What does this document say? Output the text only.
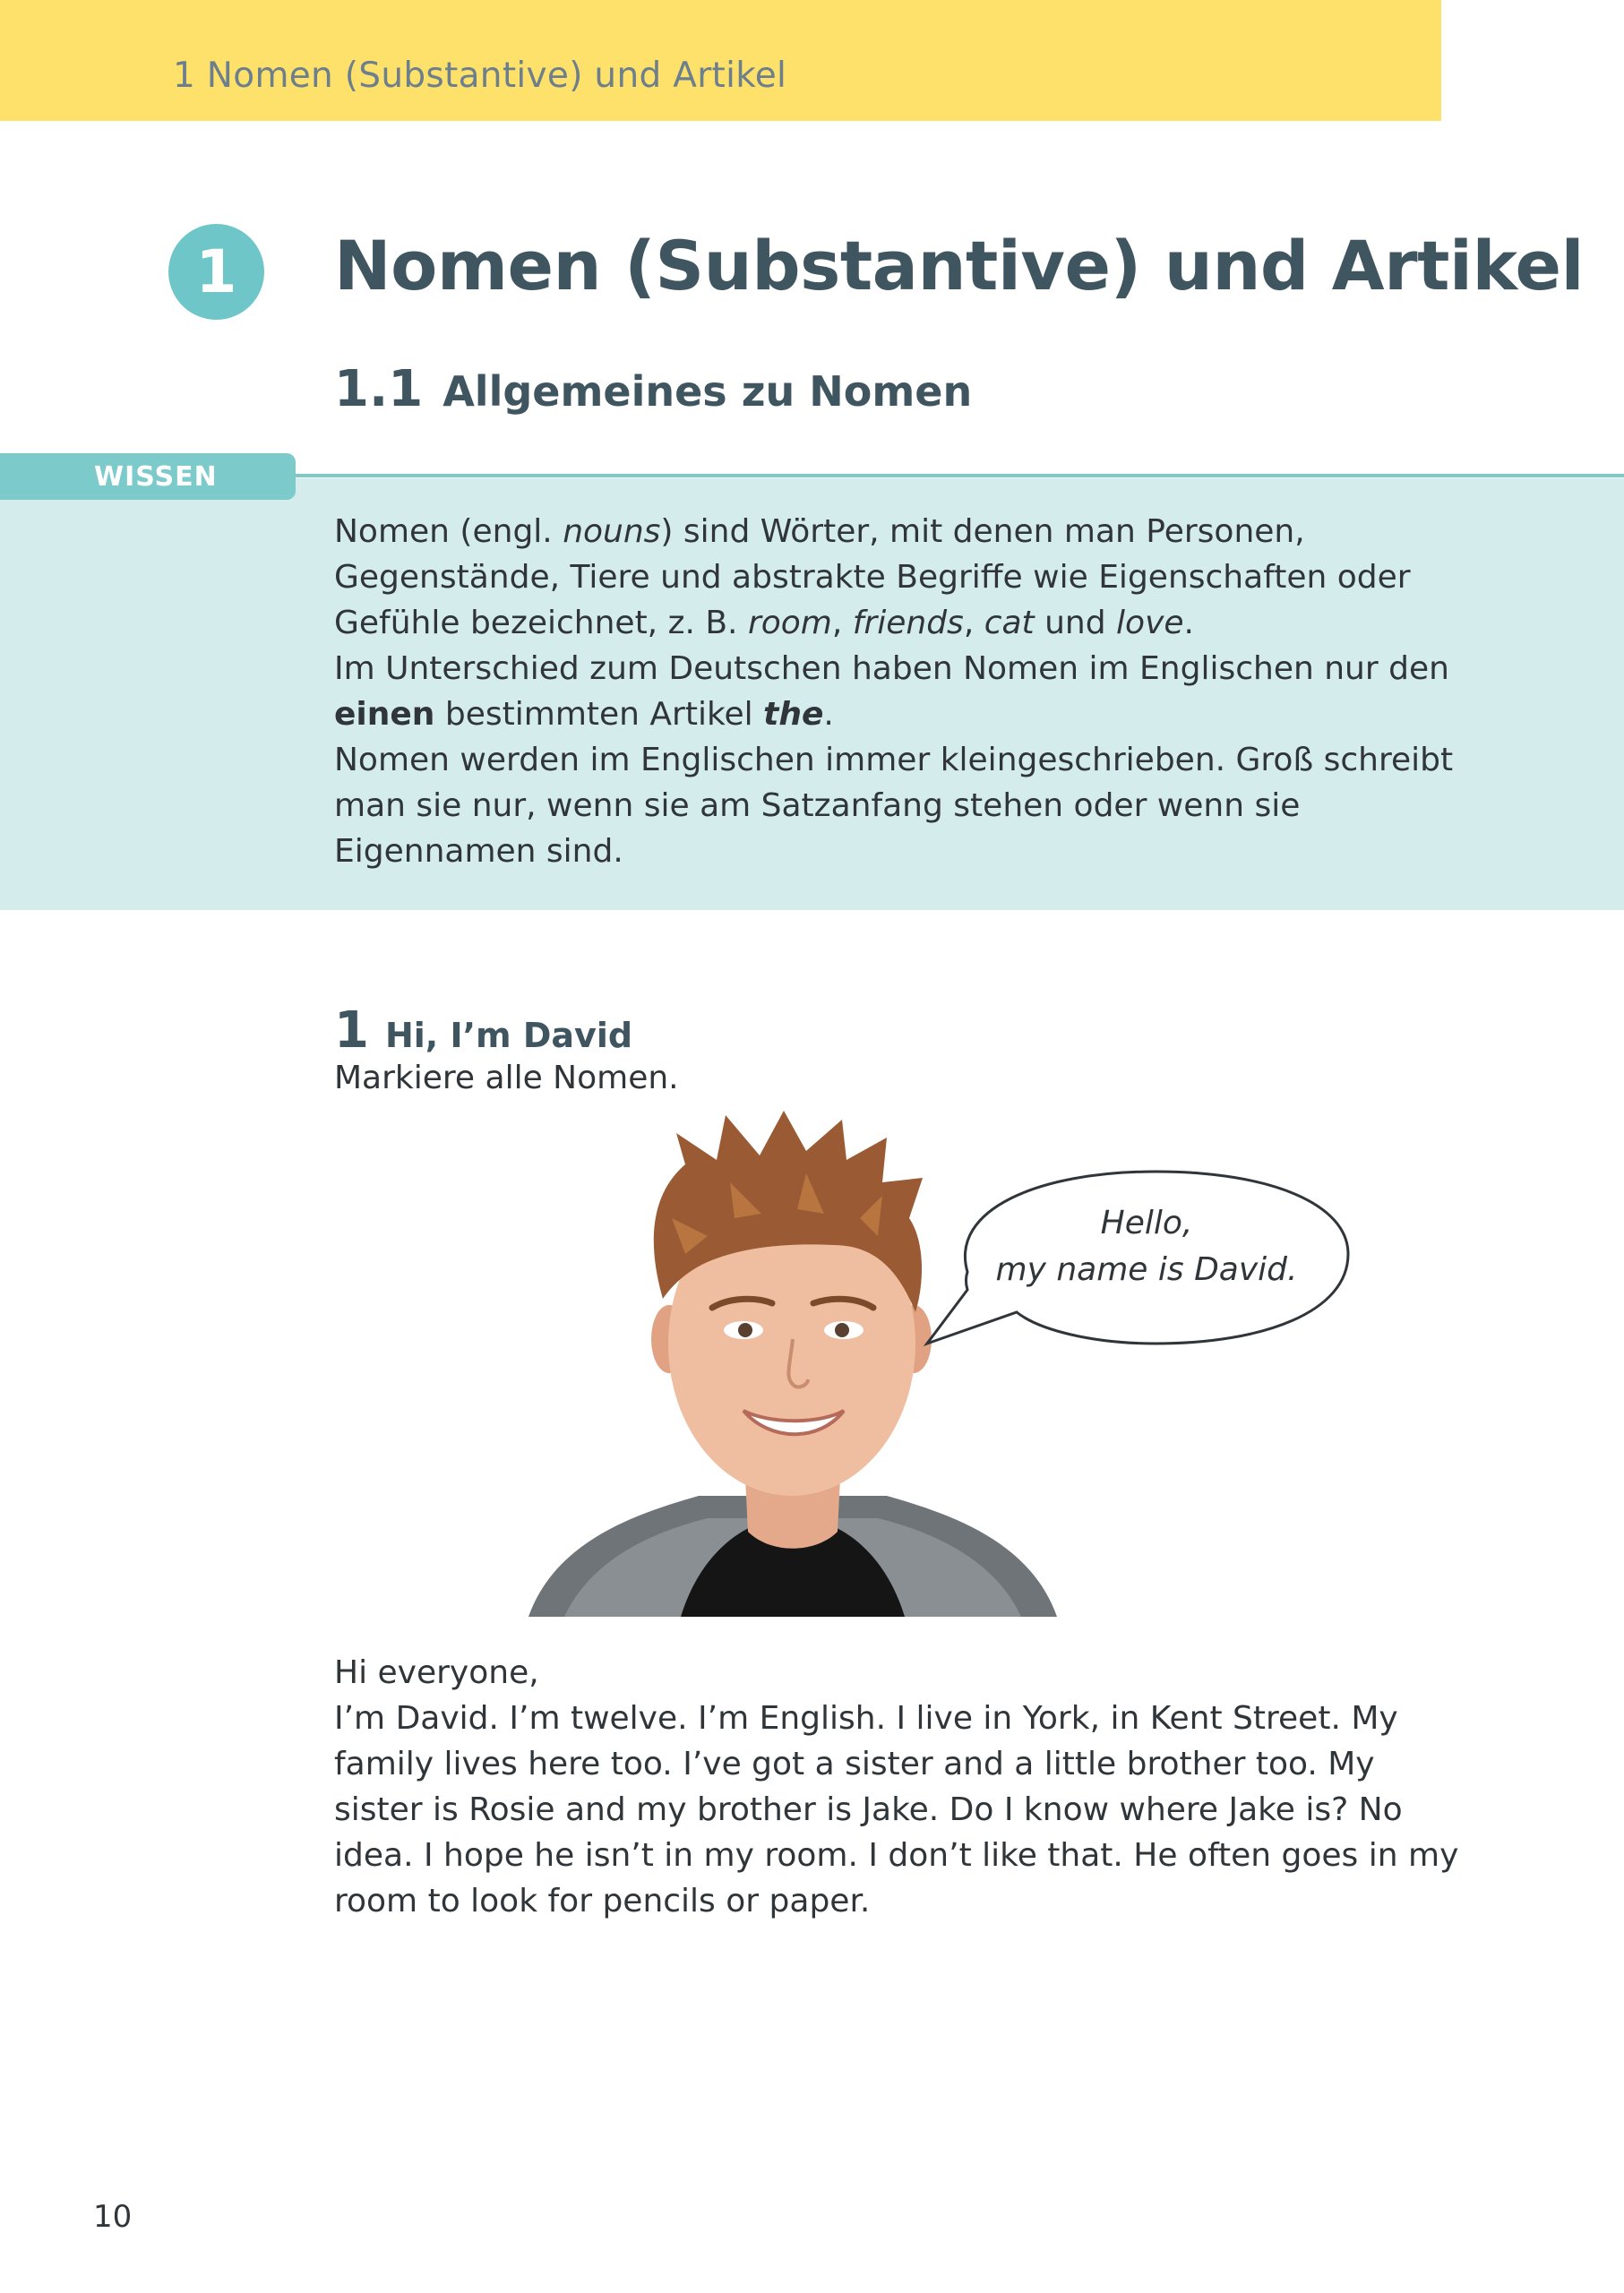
1 Nomen (Substantive) und Artikel
1	Nomen (Substantive) und Artikel
1.1 Allgemeines zu Nomen
WISSEN

Nomen (engl. nouns) sind Wörter, mit denen man Personen, Gegenstände, Tiere und abstrakte Begriffe wie Eigenschaften oder Gefühle bezeichnet, z. B. room, friends, cat und love.

Im Unterschied zum Deutschen haben Nomen im Englischen nur den einen bestimmten Artikel the.

Nomen werden im Englischen immer kleingeschrieben. Groß schreibt man sie nur, wenn sie am Satzanfang stehen oder wenn sie Eigennamen sind.

1 Hi, I’m David
Markiere alle Nomen.
Hello,
my name is David.

Hi everyone,

I’m David. I’m twelve. I’m English. I live in York, in Kent Street. My family lives here too. I’ve got a sister and a little brother too. My sister is Rosie and my brother is Jake. Do I know where Jake is? No idea. I hope he isn’t in my room. I don’t like that. He often goes in my room to look for pencils or paper.

10
